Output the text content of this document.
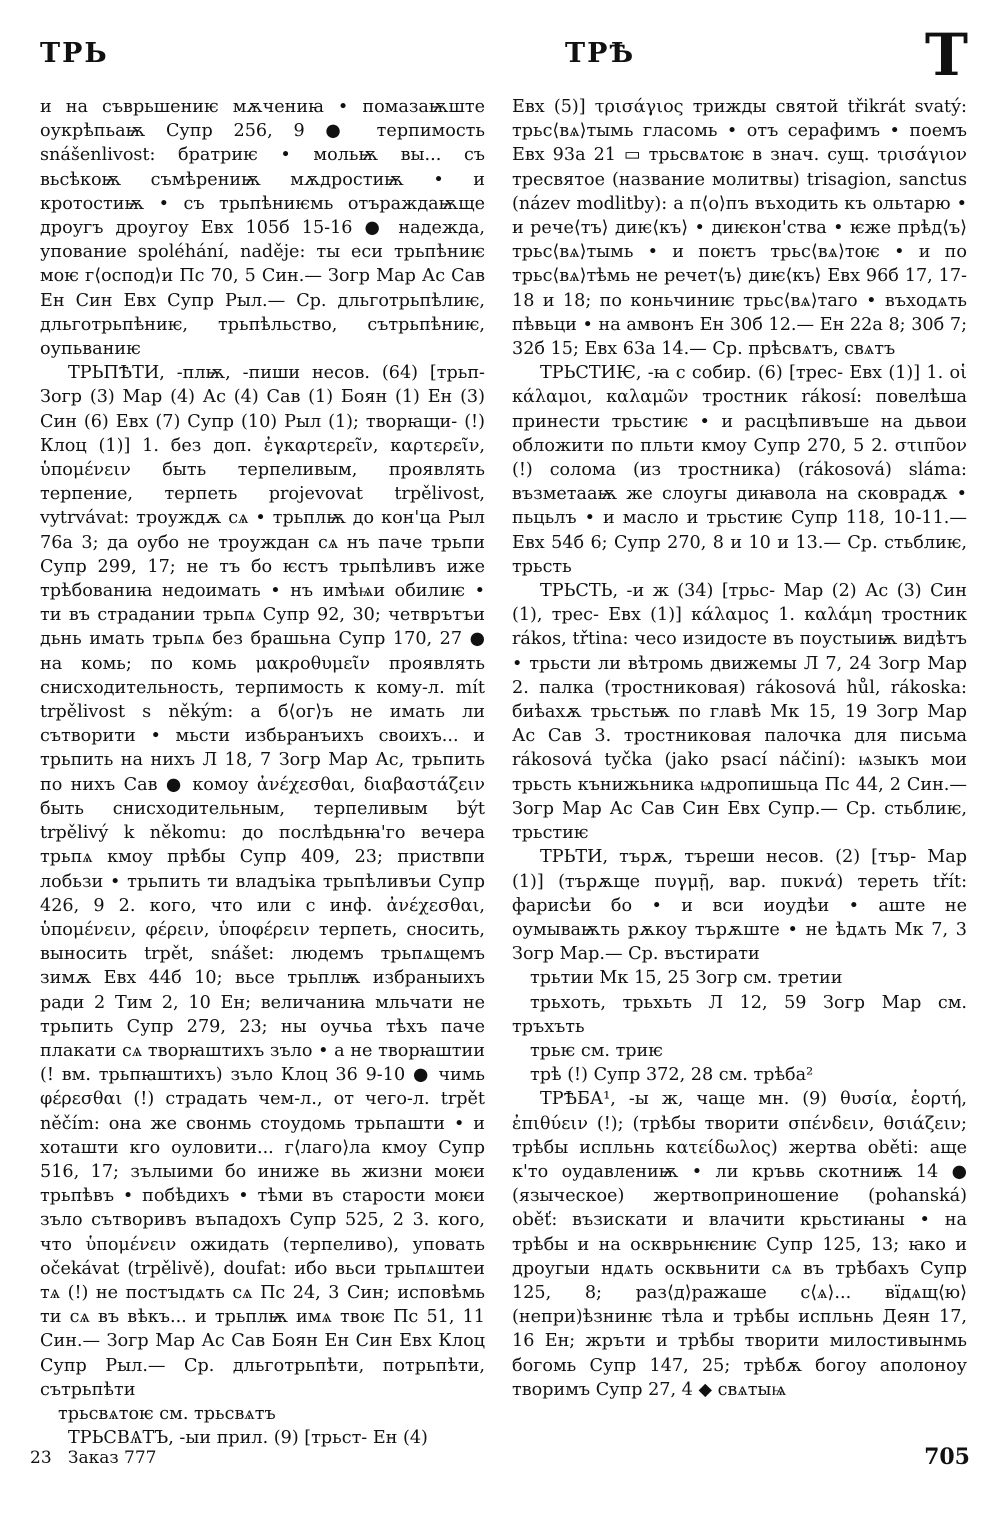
ТРЬ	ТРѢ	Т

и на съврьшениѥ мѫчениꙗ • помазаѭште оукрѣпьаѭ Супр 256, 9 ● терпимость snášenlivost: братриѥ • мольѭ вы... съ вьсѣкоѭ съмѣрениѭ мѫдростиѭ • и кротостиѭ • съ трьпѣниѥмь отъраждаѭще дроугъ дроугоу Евх 105б 15-16 ● надежда, упование spoléhání, naděje: ты еси трьпѣниѥ моѥ г⟨оспод⟩и Пс 70, 5 Син.— Зогр Мар Ас Сав Ен Син Евх Супр Рыл.— Ср. дльготрьпѣлиѥ, дльготрьпѣниѥ, трьпѣльство, сътрьпѣниѥ, оупьваниѥ

ТРЬПѢТИ, -плѭ, -пиши несов. (64) [трьп- Зогр (3) Мар (4) Ас (4) Сав (1) Боян (1) Ен (3) Син (6) Евх (7) Супр (10) Рыл (1); творꙗщи- (!) Клоц (1)] 1. без доп. ἐγκαρτερεῖν, καρτερεῖν, ὑπομένειν быть терпеливым, проявлять терпение, терпеть projevovat trpělivost, vytrvávat: троуждѫ сѧ • трьплѭ до кон'ца Рыл 76а 3; да оубо не троуждан сѧ нъ паче трьпи Супр 299, 17; не тъ бо ѥстъ трьпѣливъ иже трѣбованиꙗ недоимать • нъ имѣѩи обилиѥ • ти въ страдании трьпѧ Супр 92, 30; четврътъи дьнь имать трьпѧ без брашьна Супр 170, 27 ● на комь; по комь μακροθυμεῖν проявлять снисходительность, терпимость к кому-л. mít trpělivost s někým: а б⟨ог⟩ъ не имать ли сътворити • мьсти избьранъихъ своихъ... и трьпить на нихъ Л 18, 7 Зогр Мар Ас, трьпить по нихъ Сав ● комоу ἀνέχεσθαι, διαβαστάζειν быть снисходительным, терпеливым být trpělivý k někomu: до послѣдьнꙗ'го вечера трьпѧ кмоу прѣбы Супр 409, 23; приствпи лобьзи • трьпить ти владъіка трьпѣливъи Супр 426, 9 2. кого, что или с инф. ἀνέχεσθαι, ὑπομένειν, φέρειν, ὑποφέρειν терпеть, сносить, выносить trpět, snášet: людемъ трьпѧщемъ зимѫ Евх 44б 10; вьсе трьплѭ избраныихъ ради 2 Тим 2, 10 Ен; величаниꙗ мльчати не трьпить Супр 279, 23; ны оучьа тѣхъ паче плакати сѧ творꙗштихъ зъло • а не творꙗштии (! вм. трьпꙗштихъ) зъло Клоц 36 9-10 ● чимь φέρεσθαι (!) страдать чем-л., от чего-л. trpět něčím: она же свонмь стоудомь трьпашти • и хоташти кго оуловити... г⟨лаго⟩ла кмоу Супр 516, 17; зълыими бо иниже вь жизни моѥи трьпѣвъ • побѣдихъ • тѣми въ старости моѥи зъло сътворивъ въпадохъ Супр 525, 2 3. кого, что ὑπομένειν ожидать (терпеливо), уповать očekávat (trpělivě), doufat: ибо вьси трьпѧштеи тѧ (!) не постъıдѧть сѧ Пс 24, 3 Син; исповѣмь ти сѧ въ вѣкъ... и трьплѭ имѧ твоѥ Пс 51, 11 Син.— Зогр Мар Ас Сав Боян Ен Син Евх Клоц Супр Рыл.— Ср. дльготрьпѣти, потрьпѣти, сътрьпѣти

трьсвѧтоѥ см. трьсвѧтъ

ТРЬСВѦТЪ, -ыи прил. (9) [трьст- Ен (4)

Евх (5)] τρισάγιος трижды святой třikrát svatý: трьс⟨вѧ⟩тымь гласомь • отъ серафимъ • поемъ Евх 93а 21 ▭ трьсвѧтоѥ в знач. сущ. τρισάγιον тресвятое (название молитвы) trisagion, sanctus (název modlitby): а п⟨о⟩пъ въходить къ ольтарю • и рече⟨тъ⟩ диѥ⟨къ⟩ • диѥкон'ства • ѥже прѣд⟨ъ⟩ трьс⟨вѧ⟩тымь • и поѥтъ трьс⟨вѧ⟩тоѥ • и по трьс⟨вѧ⟩тѣмь не речет⟨ъ⟩ диѥ⟨къ⟩ Евх 96б 17, 17-18 и 18; по коньчиниѥ трьс⟨вѧ⟩таго • въходѧть пѣвьци • на амвонъ Ен 30б 12.— Ен 22а 8; 30б 7; 32б 15; Евх 63а 14.— Ср. прѣсвѧтъ, свѧтъ

ТРЬСТИѤ, -ꙗ с собир. (6) [трес- Евх (1)] 1. οἱ κάλαμοι, καλαμῶν тростник rákosí: повелѣша принести трьстиѥ • и расцѣпивъше на дьвои обложити по пльти кмоу Супр 270, 5 2. στιπῦον (!) солома (из тростника) (rákosová) sláma: възметааѭ же слоугы диꙗвола на сковрадѫ • пьцьлъ • и масло и трьстиѥ Супр 118, 10-11.— Евх 54б 6; Супр 270, 8 и 10 и 13.— Ср. стьблиѥ, трьсть

ТРЬСТЬ, -и ж (34) [трьс- Мар (2) Ас (3) Син (1), трес- Евх (1)] κάλαμος 1. καλάμη тростник rákos, třtina: чесо изидосте въ поустыиѭ видѣтъ • трьсти ли вѣтромь движемы Л 7, 24 Зогр Мар 2. палка (тростниковая) rákosová hůl, rákoska: биѣахѫ трьстьѭ по главѣ Мк 15, 19 Зогр Мар Ас Сав 3. тростниковая палочка для письма rákosová tyčka (jako psací náčiní): ѩзыкъ мои трьсть кънижьника ѩдропишьца Пс 44, 2 Син.— Зогр Мар Ас Сав Син Евх Супр.— Ср. стьблиѥ, трьстиѥ

ТРЬТИ, търѫ, търеши несов. (2) [тър- Мар (1)] (търѫще πυγμῇ, вар. πυκνά) тереть třít: фарисѣи бо • и вси иоудѣи • аште не оумываѭть рѫкоу търѫште • не ѣдѧть Мк 7, 3 Зогр Мар.— Ср. въстирати

трьтии Мк 15, 25 Зогр см. третии

трьхоть, трьхьть Л 12, 59 Зогр Мар см. тръхъть

трьѥ см. триѥ

трѣ (!) Супр 372, 28 см. трѣба²

ТРѢБА¹, -ы ж, чаще мн. (9) θυσία, ἑορτή, ἐπιθύειν (!); (трѣбы творити σπένδειν, θσιάζειν; трѣбы испльнь κατείδωλος) жертва oběti: аще к'то оудавлениѭ • ли кръвь скотниѭ 14 ● (языческое) жертвоприношение (pohanská) oběť: възискати и влачити крьстиꙗны • на трѣбы и на оскврьнѥниѥ Супр 125, 13; ꙗко и дроугыи ндѧть осквьнити сѧ въ трѣбахъ Супр 125, 8; раз⟨д⟩ражаше с⟨ѧ⟩... вїдѧщ⟨ю⟩ (непри)ѣзнинѥ тѣла и трѣбы испльнь Деян 17, 16 Ен; жръти и трѣбы творити милостивынмь богомь Супр 147, 25; трѣбѫ богоу аполоноу творимъ Супр 27, 4 ◆ свѧтыѩ

23 Заказ 777	705
